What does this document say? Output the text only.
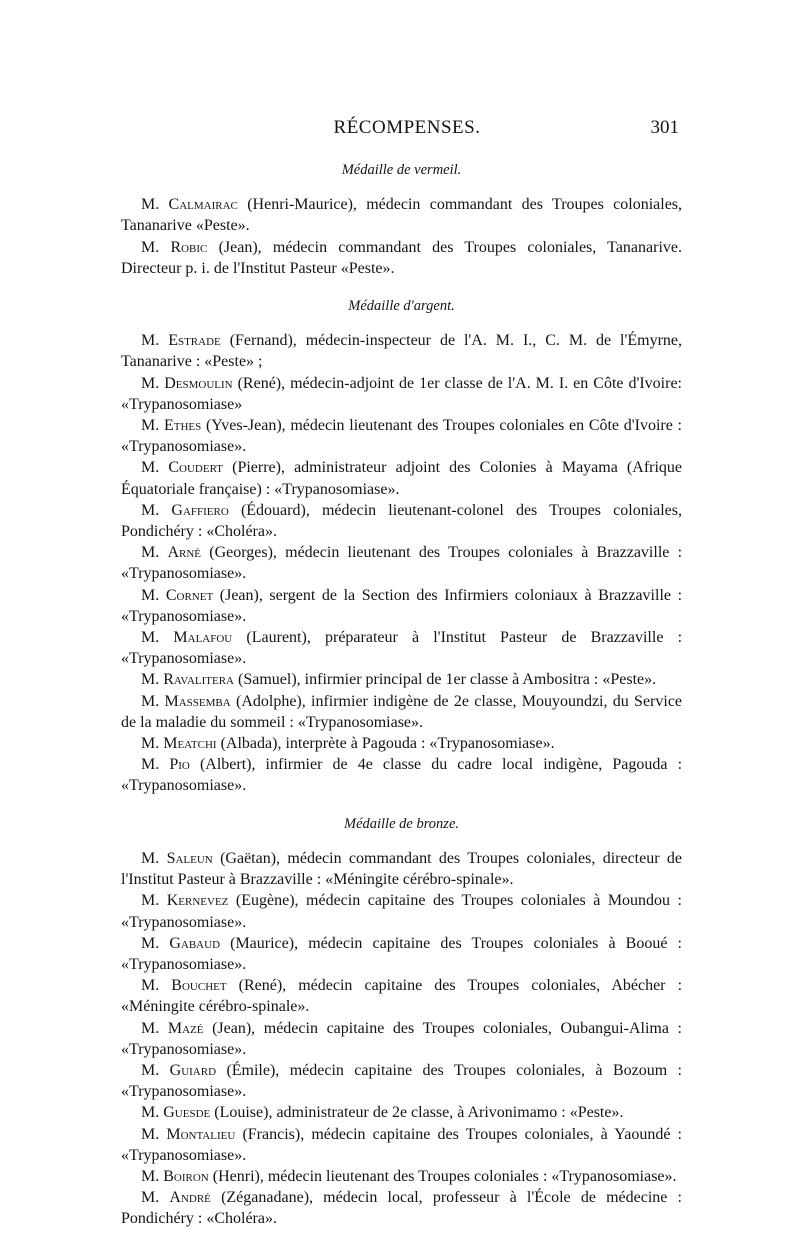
RÉCOMPENSES.	301
Médaille de vermeil.

M. Calmairac (Henri-Maurice), médecin commandant des Troupes coloniales, Tananarive «Peste».

M. Robic (Jean), médecin commandant des Troupes coloniales, Tananarive. Directeur p. i. de l'Institut Pasteur «Peste».

Médaille d'argent.

M. Estrade (Fernand), médecin-inspecteur de l'A. M. I., C. M. de l'Émyrne, Tananarive : «Peste» ;

M. Desmoulin (René), médecin-adjoint de 1er classe de l'A. M. I. en Côte d'Ivoire: «Trypanosomiase»

M. Ethes (Yves-Jean), médecin lieutenant des Troupes coloniales en Côte d'Ivoire : «Trypanosomiase».

M. Coudert (Pierre), administrateur adjoint des Colonies à Mayama (Afrique Équatoriale française) : «Trypanosomiase».

M. Gaffiero (Édouard), médecin lieutenant-colonel des Troupes coloniales, Pondichéry : «Choléra».

M. Arné (Georges), médecin lieutenant des Troupes coloniales à Brazzaville : «Trypanosomiase».

M. Cornet (Jean), sergent de la Section des Infirmiers coloniaux à Brazzaville : «Trypanosomiase».

M. Malafou (Laurent), préparateur à l'Institut Pasteur de Brazzaville : «Trypanosomiase».

M. Ravalitera (Samuel), infirmier principal de 1er classe à Ambositra : «Peste».

M. Massemba (Adolphe), infirmier indigène de 2e classe, Mouyoundzi, du Service de la maladie du sommeil : «Trypanosomiase».

M. Meatchi (Albada), interprète à Pagouda : «Trypanosomiase».

M. Pio (Albert), infirmier de 4e classe du cadre local indigène, Pagouda : «Trypanosomiase».

Médaille de bronze.

M. Saleun (Gaëtan), médecin commandant des Troupes coloniales, directeur de l'Institut Pasteur à Brazzaville : «Méningite cérébro-spinale».

M. Kernevez (Eugène), médecin capitaine des Troupes coloniales à Moundou : «Trypanosomiase».

M. Gabaud (Maurice), médecin capitaine des Troupes coloniales à Booué : «Trypanosomiase».

M. Bouchet (René), médecin capitaine des Troupes coloniales, Abécher : «Méningite cérébro-spinale».

M. Mazé (Jean), médecin capitaine des Troupes coloniales, Oubangui-Alima : «Trypanosomiase».

M. Guiard (Émile), médecin capitaine des Troupes coloniales, à Bozoum : «Trypanosomiase».

M. Guesde (Louise), administrateur de 2e classe, à Arivonimamo : «Peste».

M. Montalieu (Francis), médecin capitaine des Troupes coloniales, à Yaoundé : «Trypanosomiase».

M. Boiron (Henri), médecin lieutenant des Troupes coloniales : «Trypanosomiase».

M. André (Zéganadane), médecin local, professeur à l'École de médecine : Pondichéry : «Choléra».
